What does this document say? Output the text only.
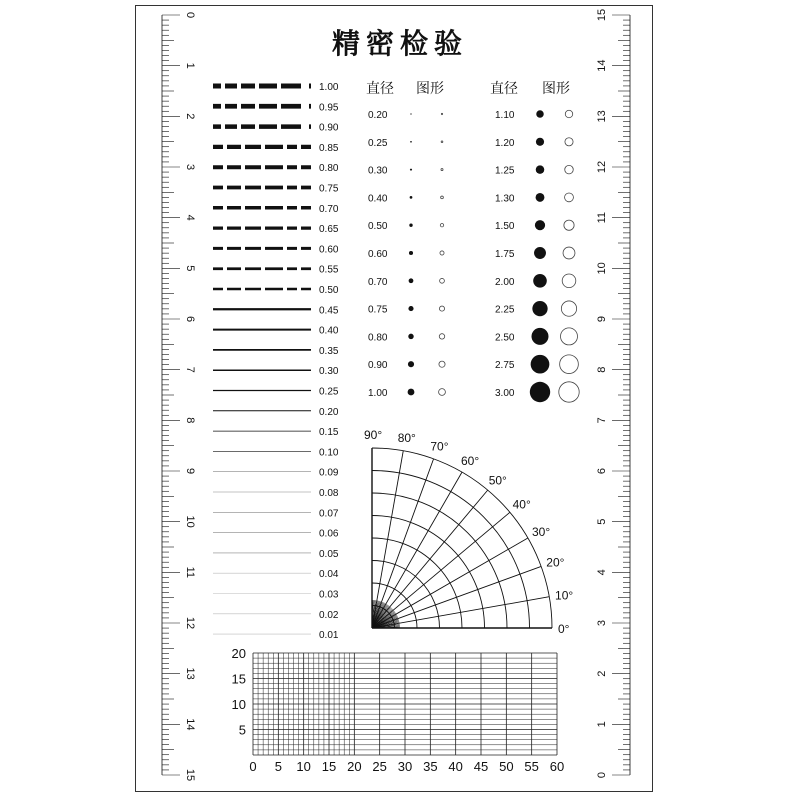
精密检验
直径 图形	直径 图形
1.00
0.95
0.90
0.85
0.80
0.75
0.70
0.65
0.60
0.55
0.50
0.45
0.40
0.35
0.30
0.25
0.20
0.15
0.10
0.09
0.08
0.07
0.06
0.05
0.04
0.03
0.02
0.01
0.20
0.25
0.30
0.40
0.50
0.60
0.70
0.75
0.80
0.90
1.00
1.10
1.20
1.25
1.30
1.50
1.75
2.00
2.25
2.50
2.75
3.00
0°
10°
20°
30°
40°
50°
60°
70°
80°
90°
0 5 10 15 20 25 30 35 40 45 50 55 60
5
10
15
20
0
1
2
3
4
5
6
7
8
9
10
11
12
13
14
15	0
1
2
3
4
5
6
7
8
9
10
11
12
13
14
15
